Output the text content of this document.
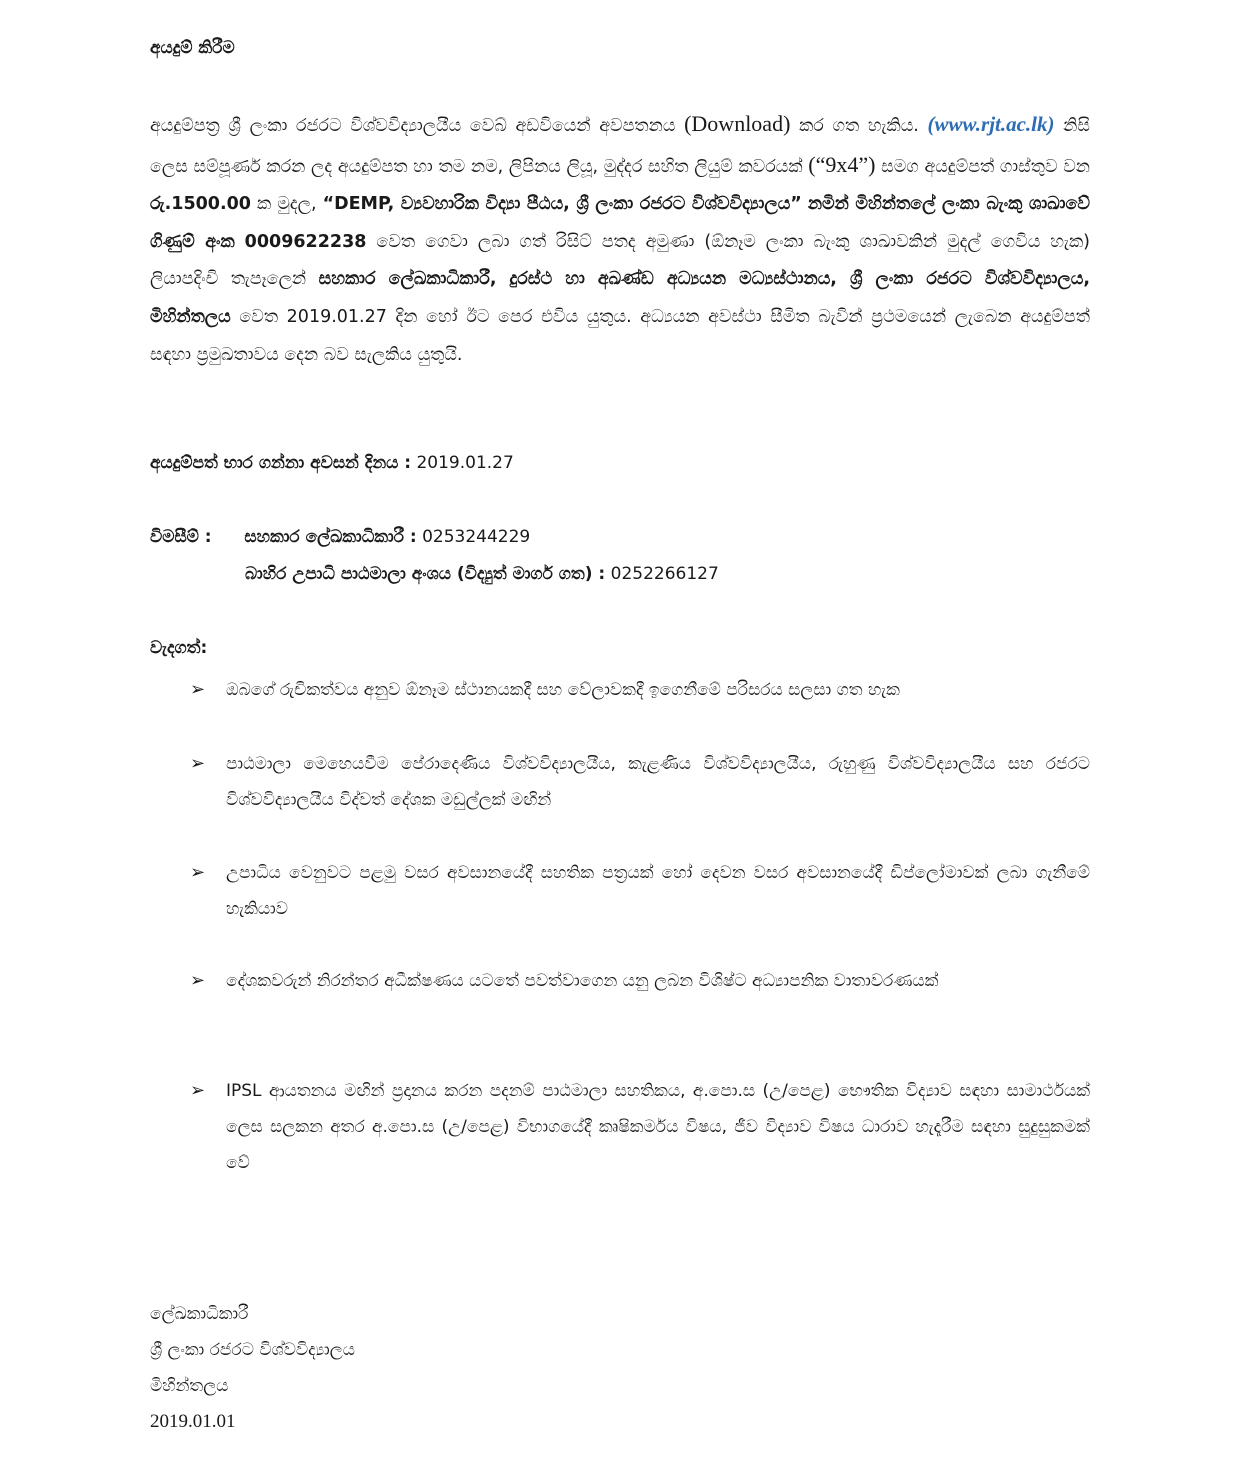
අයදුම් කිරීම
අයදුම්පත්‍ර ශ්‍රී ලංකා රජරට විශ්වවිද්‍යාලයීය වෙබ් අඩවියෙන් අවපතනය (Download) කර ගත හැකිය. (www.rjt.ac.lk) නිසි ලෙස සම්පූර්ණ කරන ලද අයදුම්පත හා තම නම, ලිපිනය ලියූ, මුද්දර සහිත ලියුම් කවරයක් (“9x4”) සමග අයදුම්පත් ගාස්තුව වන රු.1500.00 ක මුදල, “DEMP, ව්‍යවහාරික විද්‍යා පීඨය, ශ්‍රී ලංකා රජරට විශ්වවිද්‍යාලය” නමින් මිහින්තලේ ලංකා බැංකු ශාඛාවේ ගිණුම් අංක 0009622238 වෙත ගෙවා ලබා ගත් රිසිට් පතද අමුණා (ඕනෑම ලංකා බැංකු ශාඛාවකින් මුදල් ගෙවිය හැක) ලියාපදිංචි තැපෑලෙන් සහකාර ලේඛකාධිකාරී, දුරස්ථ හා අඛණ්ඩ අධ්‍යයන මධ්‍යස්ථානය, ශ්‍රී ලංකා රජරට විශ්වවිද්‍යාලය, මිහින්තලය වෙත 2019.01.27 දින හෝ ඊට පෙර එවිය යුතුය. අධ්‍යයන අවස්ථා සීමිත බැවින් ප්‍රථමයෙන් ලැබෙන අයදුම්පත් සඳහා ප්‍රමුඛතාවය දෙන බව සැලකිය යුතුයි.
අයදුම්පත් භාර ගන්නා අවසන් දිනය : 2019.01.27
විමසීම් : සහකාර ලේඛකාධිකාරී : 0253244229
බාහිර උපාධි පාඨමාලා අංශය (විද්‍යුත් මාර්ග ගත) : 0252266127
වැදගත්:
➢ ඔබගේ රුචිකත්වය අනුව ඕනෑම ස්ථානයකදී සහ වේලාවකදී ඉගෙනීමේ පරිසරය සලසා ගත හැක
➢ පාඨමාලා මෙහෙයවීම පේරාදෙණිය විශ්වවිද්‍යාලයීය, කැළණිය විශ්වවිද්‍යාලයීය, රුහුණු විශ්වවිද්‍යාලයීය සහ රජරට විශ්වවිද්‍යාලයීය විද්වත් දේශක මඩුල්ලක් මඟින්
➢ උපාධිය වෙනුවට පළමු වසර අවසානයේදී සහතික පත්‍රයක් හෝ දෙවන වසර අවසානයේදී ඩිප්ලෝමාවක් ලබා ගැනීමේ හැකියාව
➢ දේශකවරුන් නිරන්තර අධීක්ෂණය යටතේ පවත්වාගෙන යනු ලබන විශිෂ්ට අධ්‍යාපනික වාතාවරණයක්
➢ IPSL ආයතනය මඟින් ප්‍රදානය කරන පදනම් පාඨමාලා සහතිකය, අ.පො.ස (උ/පෙළ) භෞතික විද්‍යාව සඳහා සාමාර්ථයක් ලෙස සලකන අතර අ.පො.ස (උ/පෙළ) විභාගයේදී කෘෂිකර්මය විෂය, ජීව විද්‍යාව විෂය ධාරාව හැදෑරීම සඳහා සුදුසුකමක් වේ
ලේඛකාධිකාරී
ශ්‍රී ලංකා රජරට විශ්වවිද්‍යාලය
මිහින්තලය
2019.01.01
